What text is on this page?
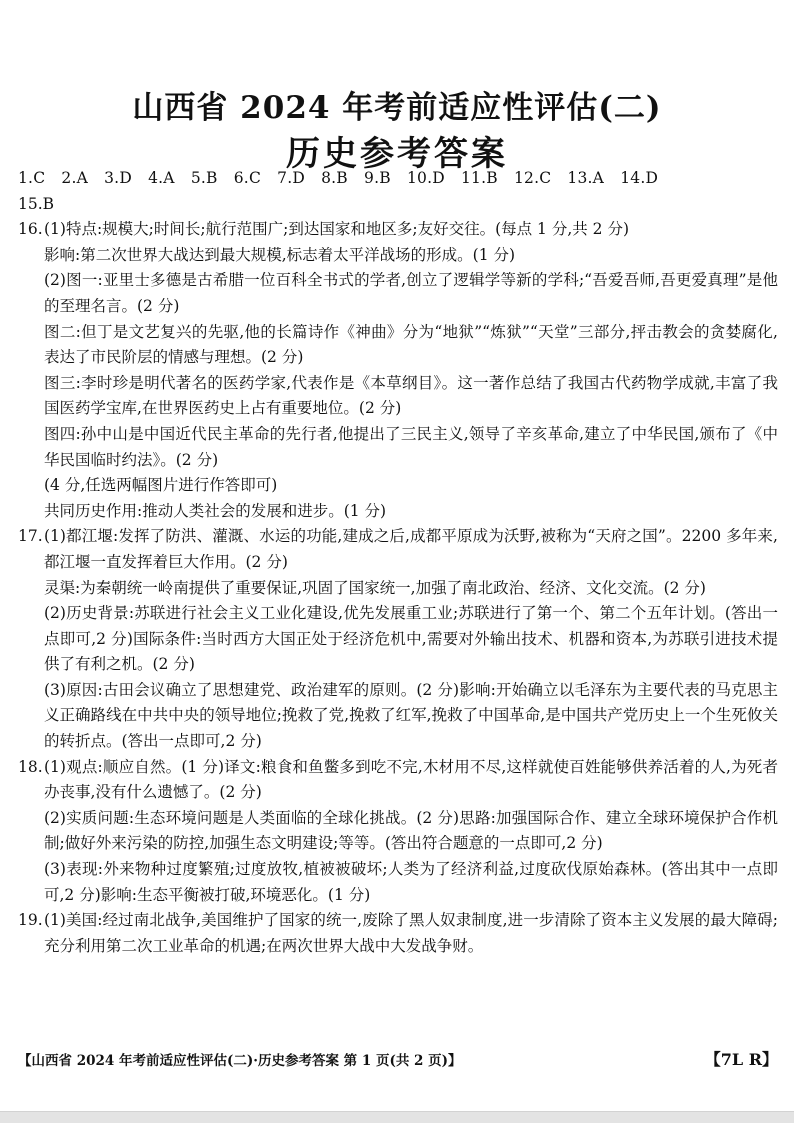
山西省 2024 年考前适应性评估(二)
历史参考答案
1.C 2.A 3.D 4.A 5.B 6.C 7.D 8.B 9.B 10.D 11.B 12.C 13.A 14.D
15.B
16. (1)特点:规模大;时间长;航行范围广;到达国家和地区多;友好交往。(每点 1 分,共 2 分)

影响:第二次世界大战达到最大规模,标志着太平洋战场的形成。(1 分)

(2)图一:亚里士多德是古希腊一位百科全书式的学者,创立了逻辑学等新的学科;“吾爱吾师,吾更爱真理”是他的至理名言。(2 分)

图二:但丁是文艺复兴的先驱,他的长篇诗作《神曲》分为“地狱”“炼狱”“天堂”三部分,抨击教会的贪婪腐化,表达了市民阶层的情感与理想。(2 分)

图三:李时珍是明代著名的医药学家,代表作是《本草纲目》。这一著作总结了我国古代药物学成就,丰富了我国医药学宝库,在世界医药史上占有重要地位。(2 分)

图四:孙中山是中国近代民主革命的先行者,他提出了三民主义,领导了辛亥革命,建立了中华民国,颁布了《中华民国临时约法》。(2 分)

(4 分,任选两幅图片进行作答即可)

共同历史作用:推动人类社会的发展和进步。(1 分)

17. (1)都江堰:发挥了防洪、灌溉、水运的功能,建成之后,成都平原成为沃野,被称为“天府之国”。2200 多年来,都江堰一直发挥着巨大作用。(2 分)

灵渠:为秦朝统一岭南提供了重要保证,巩固了国家统一,加强了南北政治、经济、文化交流。(2 分)

(2)历史背景:苏联进行社会主义工业化建设,优先发展重工业;苏联进行了第一个、第二个五年计划。(答出一点即可,2 分)国际条件:当时西方大国正处于经济危机中,需要对外输出技术、机器和资本,为苏联引进技术提供了有利之机。(2 分)

(3)原因:古田会议确立了思想建党、政治建军的原则。(2 分)影响:开始确立以毛泽东为主要代表的马克思主义正确路线在中共中央的领导地位;挽救了党,挽救了红军,挽救了中国革命,是中国共产党历史上一个生死攸关的转折点。(答出一点即可,2 分)

18. (1)观点:顺应自然。(1 分)译文:粮食和鱼鳖多到吃不完,木材用不尽,这样就使百姓能够供养活着的人,为死者办丧事,没有什么遗憾了。(2 分)

(2)实质问题:生态环境问题是人类面临的全球化挑战。(2 分)思路:加强国际合作、建立全球环境保护合作机制;做好外来污染的防控,加强生态文明建设;等等。(答出符合题意的一点即可,2 分)

(3)表现:外来物种过度繁殖;过度放牧,植被被破坏;人类为了经济利益,过度砍伐原始森林。(答出其中一点即可,2 分)影响:生态平衡被打破,环境恶化。(1 分)

19. (1)美国:经过南北战争,美国维护了国家的统一,废除了黑人奴隶制度,进一步清除了资本主义发展的最大障碍;充分利用第二次工业革命的机遇;在两次世界大战中大发战争财。

【山西省 2024 年考前适应性评估(二)·历史参考答案 第 1 页(共 2 页)】	【7L R】
